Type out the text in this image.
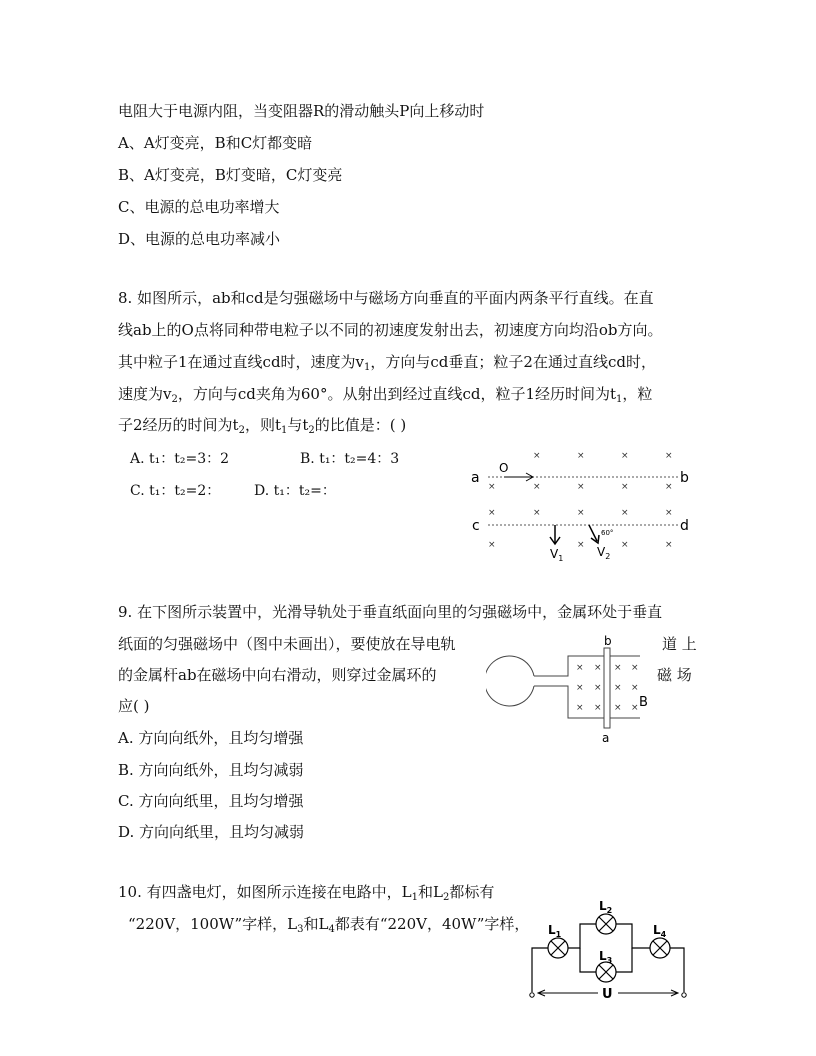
电阻大于电源内阻，当变阻器R的滑动触头P向上移动时
A、A灯变亮，B和C灯都变暗
B、A灯变亮，B灯变暗，C灯变亮
C、电源的总电功率增大
D、电源的总电功率减小
8. 如图所示，ab和cd是匀强磁场中与磁场方向垂直的平面内两条平行直线。在直
线ab上的O点将同种带电粒子以不同的初速度发射出去，初速度方向均沿ob方向。
其中粒子1在通过直线cd时，速度为$v_1$，方向与cd垂直；粒子2在通过直线cd时，
速度为$v_2$，方向与cd夹角为60°。从射出到经过直线cd，粒子1经历时间为$t_1$，粒
子2经历的时间为$t_2$，则$t_1$与$t_2$的比值是：( )
A. t₁：t₂=3：2	B. t₁：t₂=4：3
C. t₁：t₂=2： D. t₁：t₂=：
a	b
c	d
O
×	×	×	×
×	×	×	×	×
×	×	×	×	×
×	×	×	×
$V_1$
60°
$V_2$
9. 在下图所示装置中，光滑导轨处于垂直纸面向里的匀强磁场中，金属环处于垂直
纸面的匀强磁场中（图中未画出），要使放在导电轨	道 上
的金属杆ab在磁场中向右滑动，则穿过金属环的	磁 场
应( )
A. 方向向纸外，且均匀增强
B. 方向向纸外，且均匀减弱
C. 方向向纸里，且均匀增强
D. 方向向纸里，且均匀减弱
b
a
B
× × × ×
× × × ×
× × × ×
10. 有四盏电灯，如图所示连接在电路中，$L_1$和$L_2$都标有
“220V，100W”字样，$L_3$和$L_4$都表有“220V，40W”字样， $L_1$
$L_2$
$L_3$
$L_4$
U
